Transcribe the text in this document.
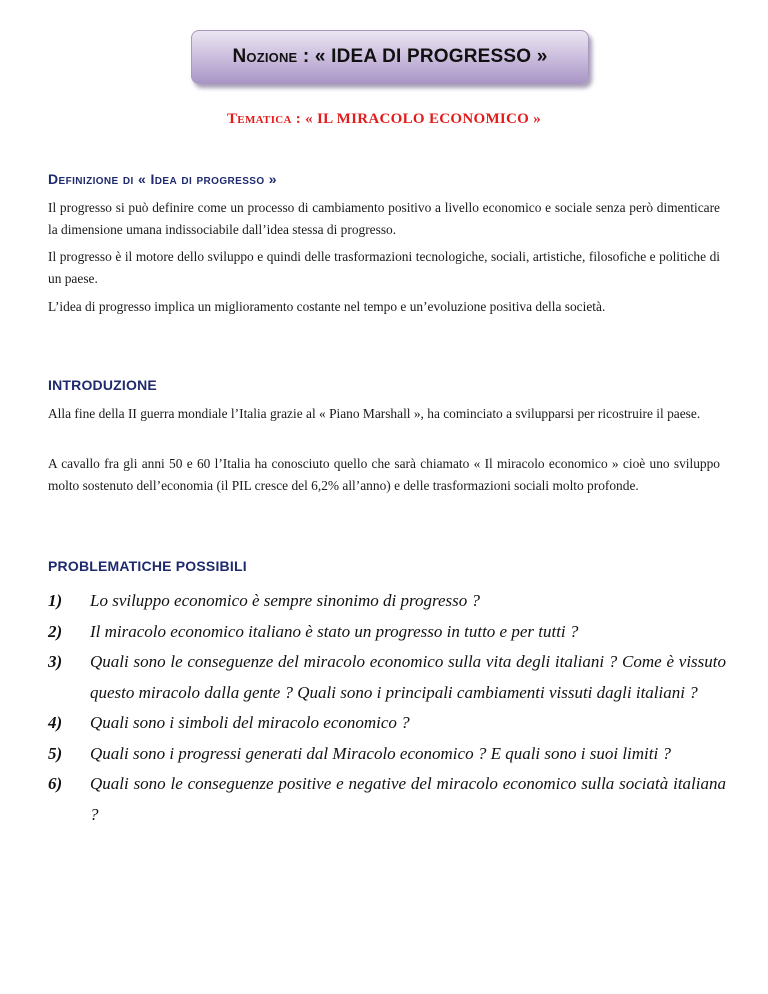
Nozione : « IDEA DI PROGRESSO »
Tematica : « IL MIRACOLO ECONOMICO »
Definizione di « Idea di progresso »
Il progresso si può definire come un processo di cambiamento positivo a livello economico e sociale senza però dimenticare la dimensione umana indissociabile dall’idea stessa di progresso.
Il progresso è il motore dello sviluppo e quindi delle trasformazioni tecnologiche, sociali, artistiche, filosofiche e politiche di un paese.
L’idea di progresso implica un miglioramento costante nel tempo e un’evoluzione positiva della società.
INTRODUZIONE
Alla fine della II guerra mondiale l’Italia grazie al « Piano Marshall », ha cominciato a svilupparsi per ricostruire il paese.
A cavallo fra gli anni 50 e 60 l’Italia ha conosciuto quello che sarà chiamato « Il miracolo economico » cioè uno sviluppo molto sostenuto dell’economia (il PIL cresce del 6,2% all’anno) e delle trasformazioni sociali molto profonde.
PROBLEMATICHE POSSIBILI
1)	Lo sviluppo economico è sempre sinonimo di progresso ?
2)	Il miracolo economico italiano è stato un progresso in tutto e per tutti ?
3)	Quali sono le conseguenze del miracolo economico sulla vita degli italiani ? Come è vissuto questo miracolo dalla gente ? Quali sono i principali cambiamenti vissuti dagli italiani ?
4)	Quali sono i simboli del miracolo economico ?
5)	Quali sono i progressi generati dal Miracolo economico ? E quali sono i suoi limiti ?
6)	Quali sono le conseguenze positive e negative del miracolo economico sulla sociatà italiana ?
